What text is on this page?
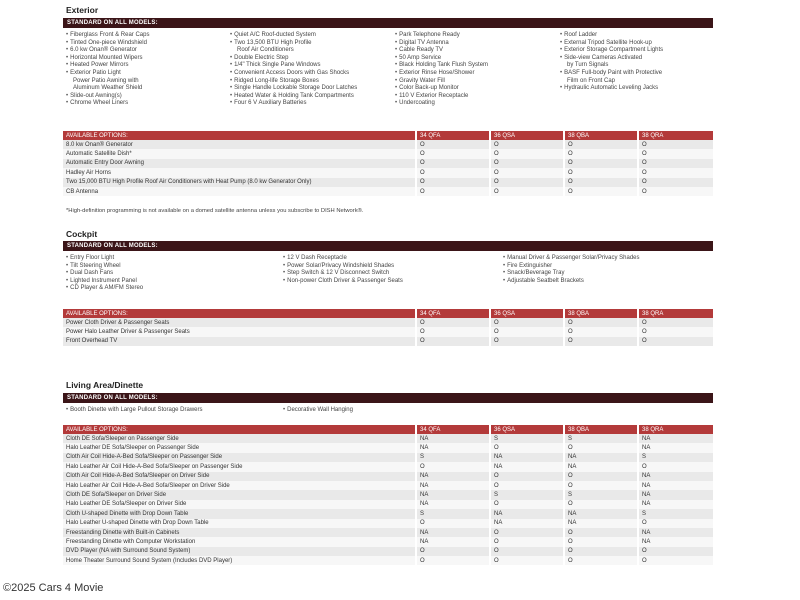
Exterior
STANDARD ON ALL MODELS:
• Fiberglass Front & Rear Caps
• Tinted One-piece Windshield
• 6.0 kw Onan® Generator
• Horizontal Mounted Wipers
• Heated Power Mirrors
• Exterior Patio Light
Power Patio Awning with
Aluminum Weather Shield
• Slide-out Awning(s)
• Chrome Wheel Liners
• Quiet A/C Roof-ducted System
• Two 13,500 BTU High Profile
Roof Air Conditioners
• Double Electric Step
• 1/4" Thick Single Pane Windows
• Convenient Access Doors with Gas Shocks
• Ridged Long-life Storage Boxes
• Single Handle Lockable Storage Door Latches
• Heated Water & Holding Tank Compartments
• Four 6 V Auxiliary Batteries
• Park Telephone Ready
• Digital TV Antenna
• Cable Ready TV
• 50 Amp Service
• Black Holding Tank Flush System
• Exterior Rinse Hose/Shower
• Gravity Water Fill
• Color Back-up Monitor
• 110 V Exterior Receptacle
• Undercoating
• Roof Ladder
• External Tripod Satellite Hook-up
• Exterior Storage Compartment Lights
• Side-view Cameras Activated
by Turn Signals
• BASF Full-body Paint with Protective
Film on Front Cap
• Hydraulic Automatic Leveling Jacks
AVAILABLE OPTIONS:	34 QFA	36 QSA	38 QBA	38 QRA
8.0 kw Onan® Generator	O	O	O	O
Automatic Satellite Dish*	O	O	O	O
Automatic Entry Door Awning	O	O	O	O
Hadley Air Horns	O	O	O	O
Two 15,000 BTU High Profile Roof Air Conditioners with Heat Pump (8.0 kw Generator Only)	O	O	O	O
CB Antenna	O	O	O	O
*High-definition programming is not available on a domed satellite antenna unless you subscribe to DISH Network®.
Cockpit
STANDARD ON ALL MODELS:
• Entry Floor Light
• Tilt Steering Wheel
• Dual Dash Fans
• Lighted Instrument Panel
• CD Player & AM/FM Stereo
• 12 V Dash Receptacle
• Power Solar/Privacy Windshield Shades
• Step Switch & 12 V Disconnect Switch
• Non-power Cloth Driver & Passenger Seats
• Manual Driver & Passenger Solar/Privacy Shades
• Fire Extinguisher
• Snack/Beverage Tray
• Adjustable Seatbelt Brackets
AVAILABLE OPTIONS:	34 QFA	36 QSA	38 QBA	38 QRA
Power Cloth Driver & Passenger Seats	O	O	O	O
Power Halo Leather Driver & Passenger Seats	O	O	O	O
Front Overhead TV	O	O	O	O
Living Area/Dinette
STANDARD ON ALL MODELS:
• Booth Dinette with Large Pullout Storage Drawers	• Decorative Wall Hanging
AVAILABLE OPTIONS:	34 QFA	36 QSA	38 QBA	38 QRA
Cloth DE Sofa/Sleeper on Passenger Side	NA	S	S	NA
Halo Leather DE Sofa/Sleeper on Passenger Side	NA	O	O	NA
Cloth Air Coil Hide-A-Bed Sofa/Sleeper on Passenger Side	S	NA	NA	S
Halo Leather Air Coil Hide-A-Bed Sofa/Sleeper on Passenger Side	O	NA	NA	O
Cloth Air Coil Hide-A-Bed Sofa/Sleeper on Driver Side	NA	O	O	NA
Halo Leather Air Coil Hide-A-Bed Sofa/Sleeper on Driver Side	NA	O	O	NA
Cloth DE Sofa/Sleeper on Driver Side	NA	S	S	NA
Halo Leather DE Sofa/Sleeper on Driver Side	NA	O	O	NA
Cloth U-shaped Dinette with Drop Down Table	S	NA	NA	S
Halo Leather U-shaped Dinette with Drop Down Table	O	NA	NA	O
Freestanding Dinette with Built-in Cabinets	NA	O	O	NA
Freestanding Dinette with Computer Workstation	NA	O	O	NA
DVD Player (NA with Surround Sound System)	O	O	O	O
Home Theater Surround Sound System (Includes DVD Player)	O	O	O	O
©2025 Cars 4 Movie
